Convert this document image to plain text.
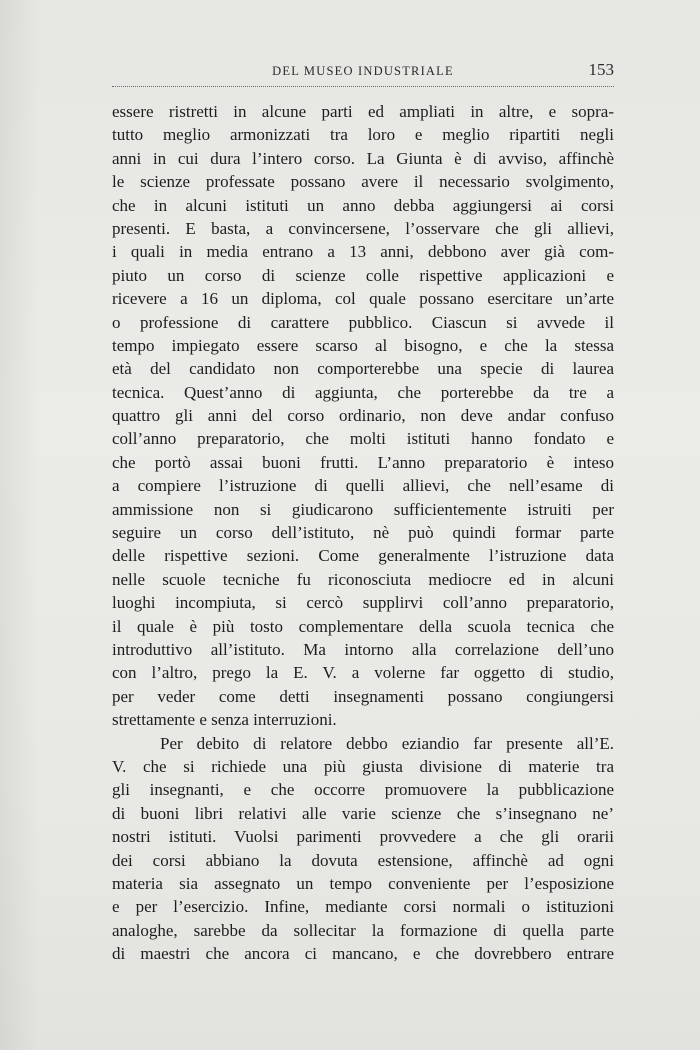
DEL MUSEO INDUSTRIALE	153
essere ristretti in alcune parti ed ampliati in altre, e sopra-
tutto meglio armonizzati tra loro e meglio ripartiti negli
anni in cui dura l’intero corso. La Giunta è di avviso, affinchè
le scienze professate possano avere il necessario svolgimento,
che in alcuni istituti un anno debba aggiungersi ai corsi
presenti. E basta, a convincersene, l’osservare che gli allievi,
i quali in media entrano a 13 anni, debbono aver già com-
piuto un corso di scienze colle rispettive applicazioni e
ricevere a 16 un diploma, col quale possano esercitare un’arte
o professione di carattere pubblico. Ciascun si avvede il
tempo impiegato essere scarso al bisogno, e che la stessa
età del candidato non comporterebbe una specie di laurea
tecnica. Quest’anno di aggiunta, che porterebbe da tre a
quattro gli anni del corso ordinario, non deve andar confuso
coll’anno preparatorio, che molti istituti hanno fondato e
che portò assai buoni frutti. L’anno preparatorio è inteso
a compiere l’istruzione di quelli allievi, che nell’esame di
ammissione non si giudicarono sufficientemente istruiti per
seguire un corso dell’istituto, nè può quindi formar parte
delle rispettive sezioni. Come generalmente l’istruzione data
nelle scuole tecniche fu riconosciuta mediocre ed in alcuni
luoghi incompiuta, si cercò supplirvi coll’anno preparatorio,
il quale è più tosto complementare della scuola tecnica che
introduttivo all’istituto. Ma intorno alla correlazione dell’uno
con l’altro, prego la E. V. a volerne far oggetto di studio,
per veder come detti insegnamenti possano congiungersi
strettamente e senza interruzioni.
Per debito di relatore debbo eziandio far presente all’E.
V. che si richiede una più giusta divisione di materie tra
gli insegnanti, e che occorre promuovere la pubblicazione
di buoni libri relativi alle varie scienze che s’insegnano ne’
nostri istituti. Vuolsi parimenti provvedere a che gli orarii
dei corsi abbiano la dovuta estensione, affinchè ad ogni
materia sia assegnato un tempo conveniente per l’esposizione
e per l’esercizio. Infine, mediante corsi normali o istituzioni
analoghe, sarebbe da sollecitar la formazione di quella parte
di maestri che ancora ci mancano, e che dovrebbero entrare
